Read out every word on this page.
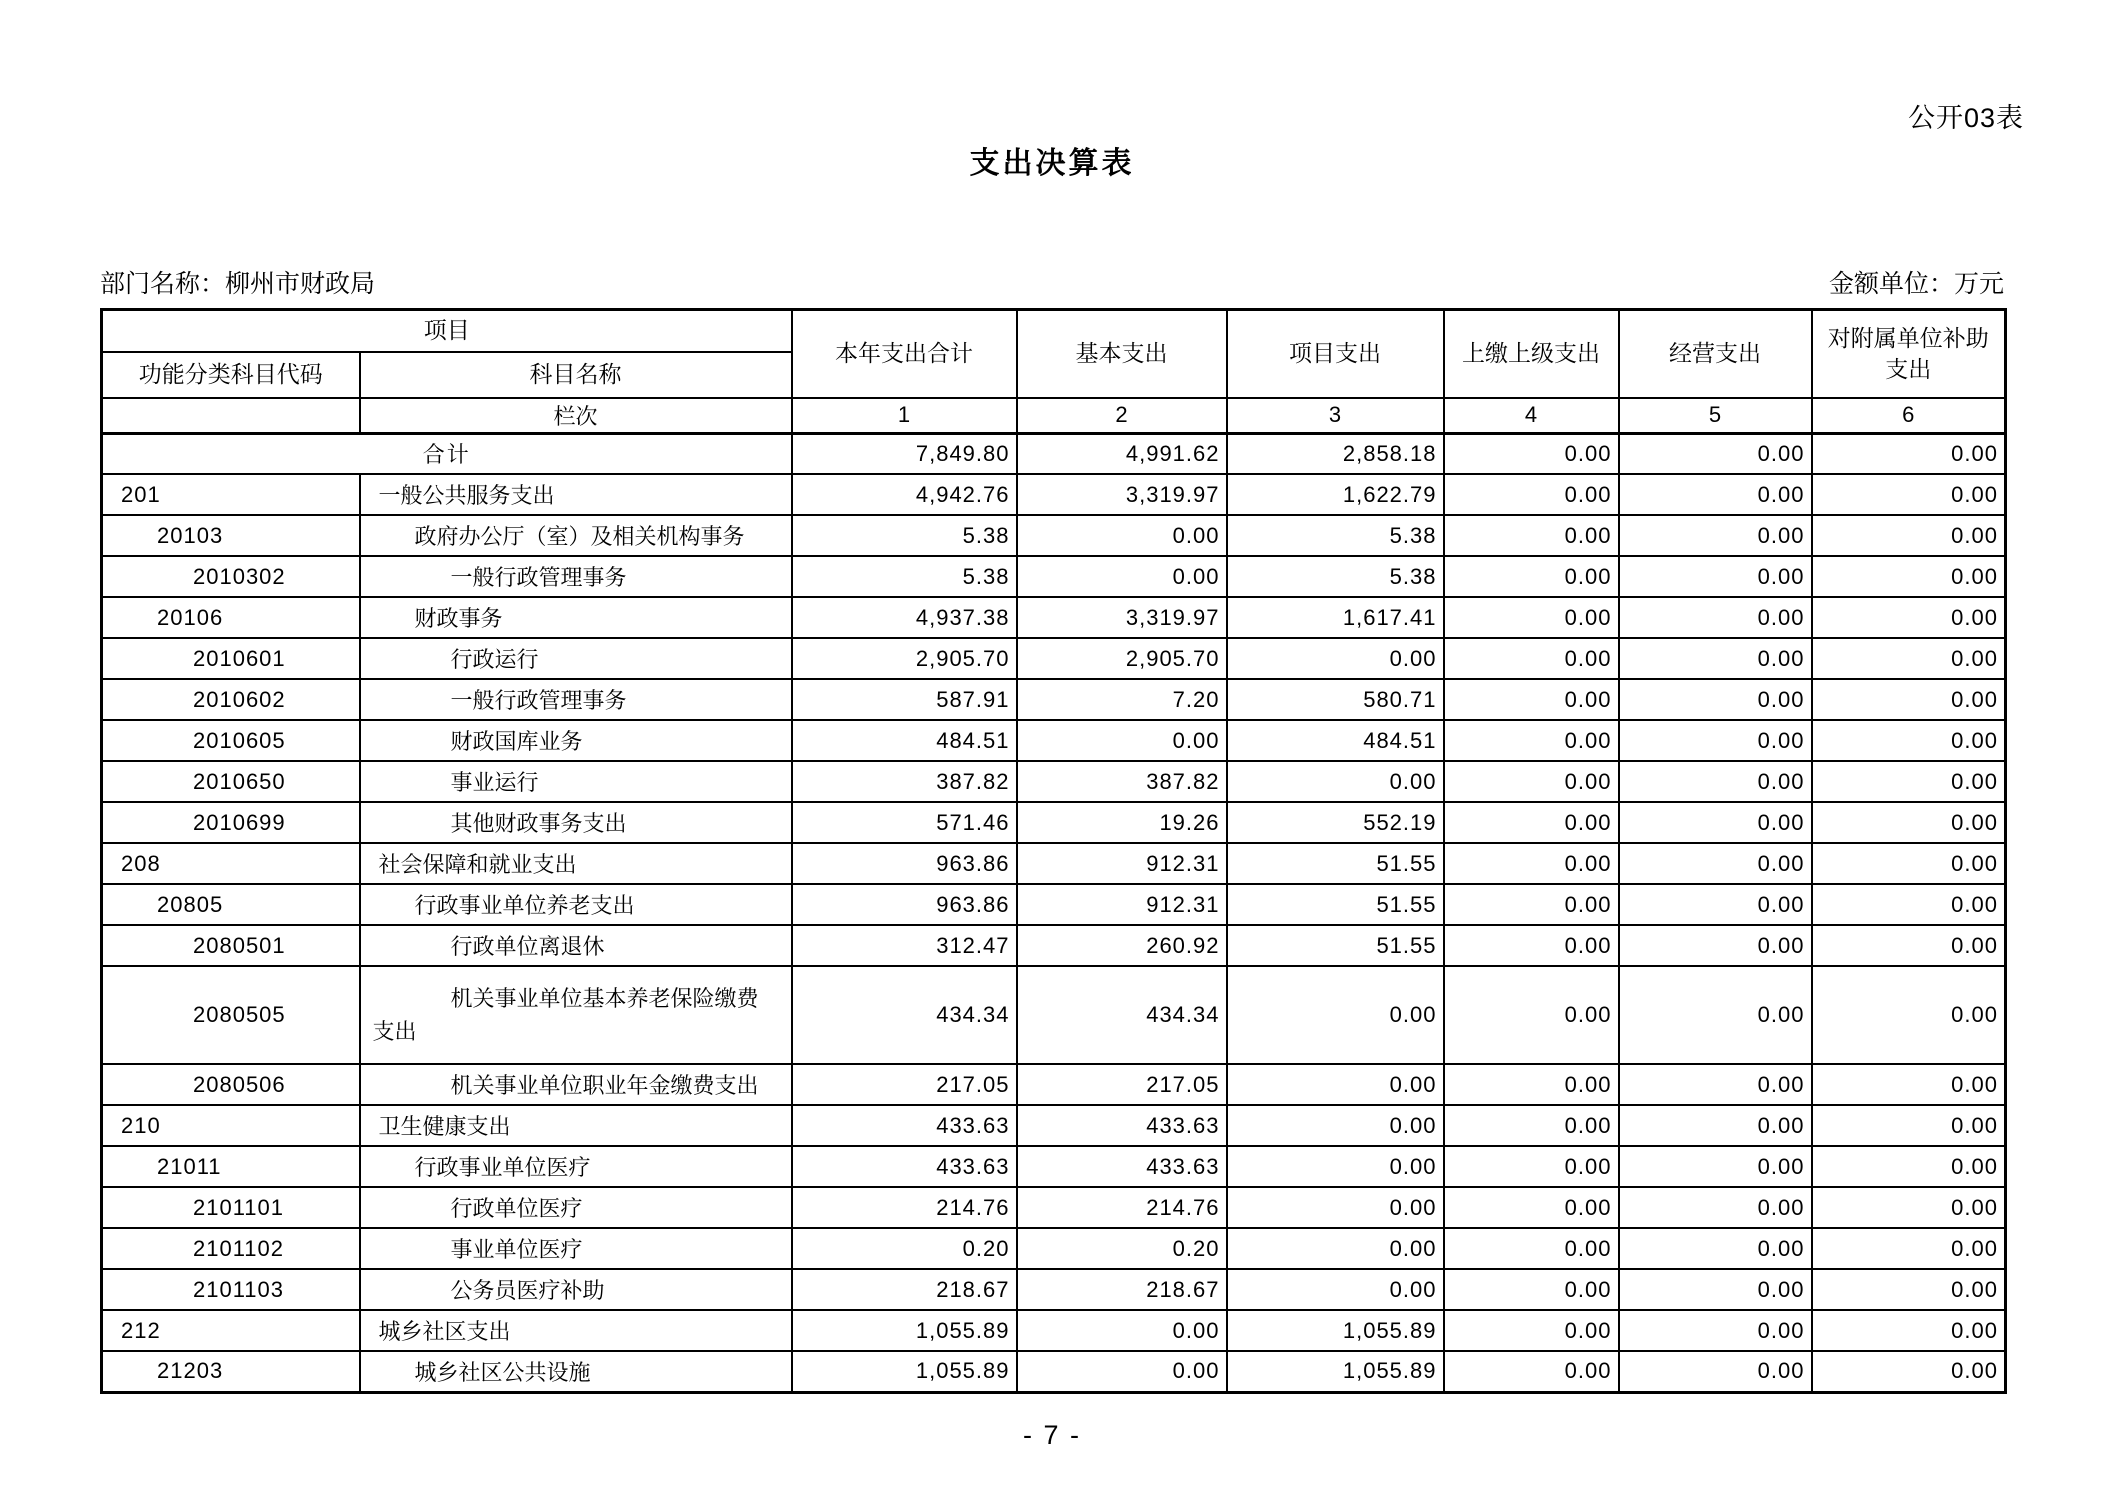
公开03表
支出决算表
部门名称：柳州市财政局	金额单位：万元
项目		本年支出合计	基本支出	项目支出	上缴上级支出	经营支出	对附属单位补助支出
功能分类科目代码	科目名称						
	栏次	1	2	3	4	5	6
合计		7,849.80	4,991.62	2,858.18	0.00	0.00	0.00
201	一般公共服务支出	4,942.76	3,319.97	1,622.79	0.00	0.00	0.00
20103	政府办公厅（室）及相关机构事务	5.38	0.00	5.38	0.00	0.00	0.00
2010302	一般行政管理事务	5.38	0.00	5.38	0.00	0.00	0.00
20106	财政事务	4,937.38	3,319.97	1,617.41	0.00	0.00	0.00
2010601	行政运行	2,905.70	2,905.70	0.00	0.00	0.00	0.00
2010602	一般行政管理事务	587.91	7.20	580.71	0.00	0.00	0.00
2010605	财政国库业务	484.51	0.00	484.51	0.00	0.00	0.00
2010650	事业运行	387.82	387.82	0.00	0.00	0.00	0.00
2010699	其他财政事务支出	571.46	19.26	552.19	0.00	0.00	0.00
208	社会保障和就业支出	963.86	912.31	51.55	0.00	0.00	0.00
20805	行政事业单位养老支出	963.86	912.31	51.55	0.00	0.00	0.00
2080501	行政单位离退休	312.47	260.92	51.55	0.00	0.00	0.00
2080505	机关事业单位基本养老保险缴费支出	434.34	434.34	0.00	0.00	0.00	0.00
2080506	机关事业单位职业年金缴费支出	217.05	217.05	0.00	0.00	0.00	0.00
210	卫生健康支出	433.63	433.63	0.00	0.00	0.00	0.00
21011	行政事业单位医疗	433.63	433.63	0.00	0.00	0.00	0.00
2101101	行政单位医疗	214.76	214.76	0.00	0.00	0.00	0.00
2101102	事业单位医疗	0.20	0.20	0.00	0.00	0.00	0.00
2101103	公务员医疗补助	218.67	218.67	0.00	0.00	0.00	0.00
212	城乡社区支出	1,055.89	0.00	1,055.89	0.00	0.00	0.00
21203	城乡社区公共设施	1,055.89	0.00	1,055.89	0.00	0.00	0.00
- 7 -
